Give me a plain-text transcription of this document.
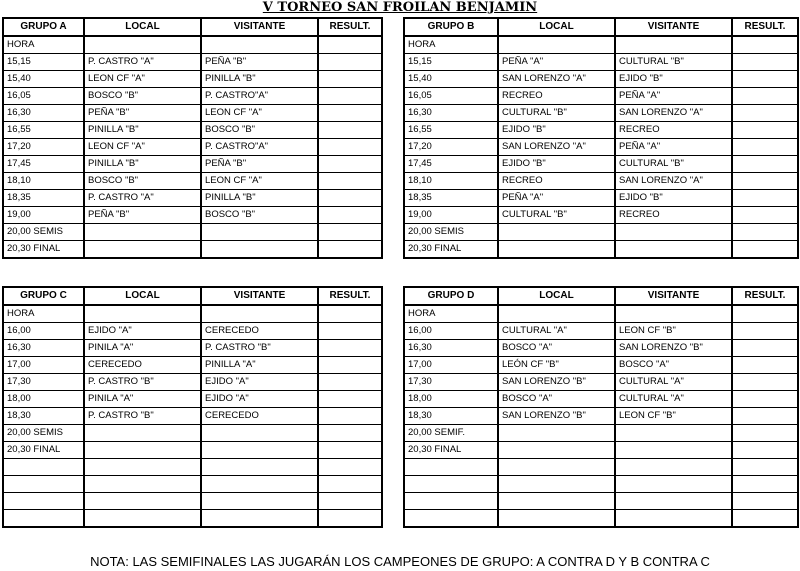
V TORNEO SAN FROILAN BENJAMIN
GRUPO A	LOCAL	VISITANTE	RESULT.
HORA			
15,15	P. CASTRO "A"	PEÑA "B"	
15,40	LEON CF "A"	PINILLA "B"	
16,05	BOSCO "B"	P. CASTRO"A"	
16,30	PEÑA "B"	LEON CF "A"	
16,55	PINILLA "B"	BOSCO "B"	
17,20	LEON CF "A"	P. CASTRO"A"	
17,45	PINILLA "B"	PEÑA "B"	
18,10	BOSCO "B"	LEON CF "A"	
18,35	P. CASTRO "A"	PINILLA "B"	
19,00	PEÑA "B"	BOSCO "B"	
20,00 SEMIS			
20,30 FINAL			
GRUPO B	LOCAL	VISITANTE	RESULT.
HORA			
15,15	PEÑA "A"	CULTURAL "B"	
15,40	SAN LORENZO "A"	EJIDO "B"	
16,05	RECREO	PEÑA "A"	
16,30	CULTURAL "B"	SAN LORENZO "A"	
16,55	EJIDO "B"	RECREO	
17,20	SAN LORENZO "A"	PEÑA "A"	
17,45	EJIDO "B"	CULTURAL "B"	
18,10	RECREO	SAN LORENZO "A"	
18,35	PEÑA "A"	EJIDO "B"	
19,00	CULTURAL "B"	RECREO	
20,00 SEMIS			
20,30 FINAL			
GRUPO C	LOCAL	VISITANTE	RESULT.
HORA			
16,00	EJIDO "A"	CERECEDO	
16,30	PINILA "A"	P. CASTRO "B"	
17,00	CERECEDO	PINILLA "A"	
17,30	P. CASTRO "B"	EJIDO "A"	
18,00	PINILA "A"	EJIDO "A"	
18,30	P. CASTRO "B"	CERECEDO	
20,00 SEMIS			
20,30 FINAL			

GRUPO D	LOCAL	VISITANTE	RESULT.
HORA			
16,00	CULTURAL "A"	LEON CF "B"	
16,30	BOSCO "A"	SAN LORENZO "B"	
17,00	LEÓN CF "B"	BOSCO "A"	
17,30	SAN LORENZO "B"	CULTURAL "A"	
18,00	BOSCO "A"	CULTURAL "A"	
18,30	SAN LORENZO "B"	LEON CF "B"	
20,00 SEMIF.			
20,30 FINAL			

NOTA: LAS SEMIFINALES LAS JUGARÁN LOS CAMPEONES DE GRUPO: A CONTRA D Y B CONTRA C
